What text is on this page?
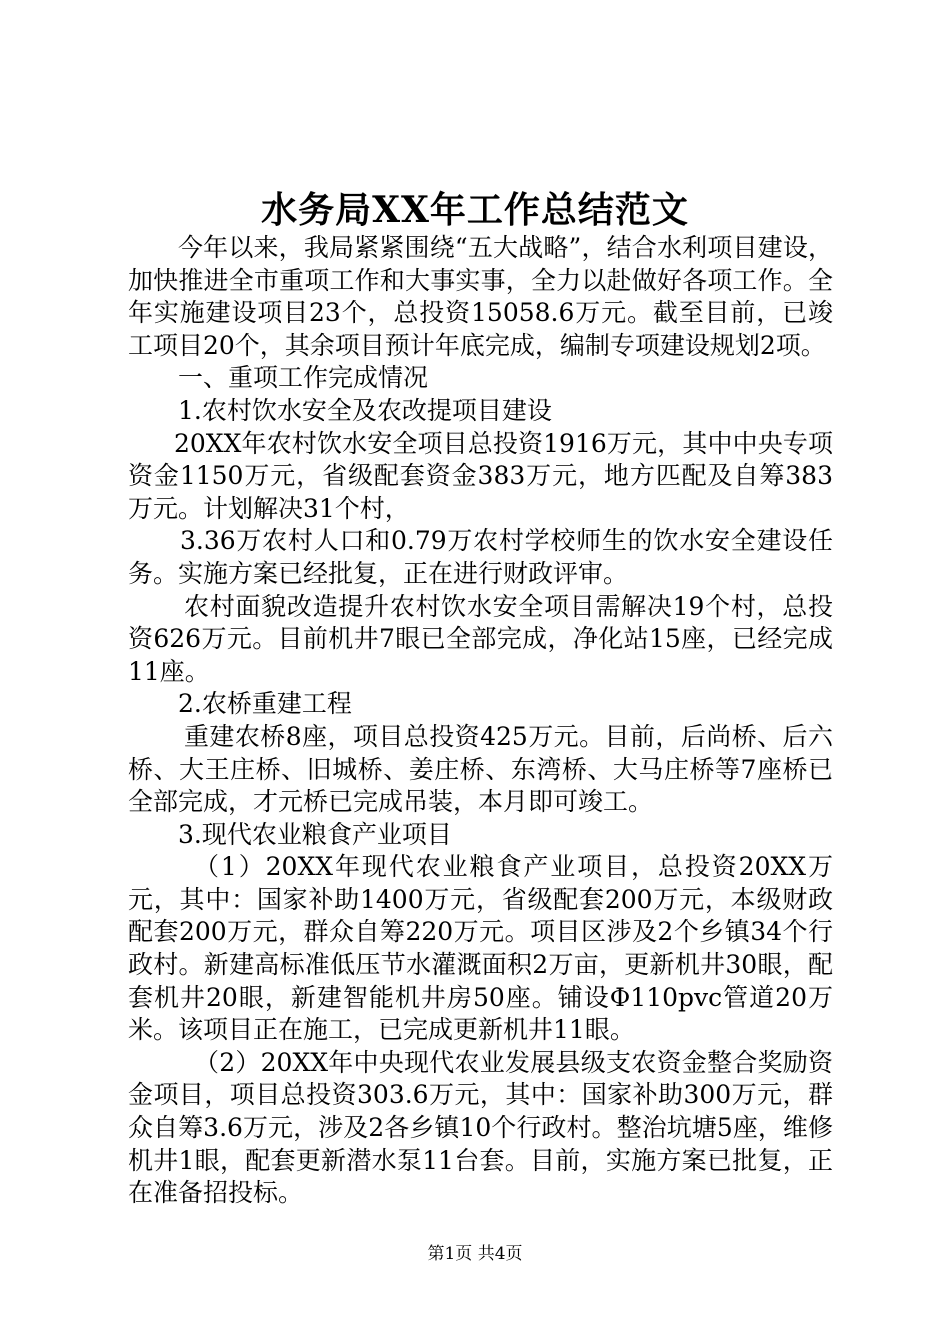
水务局XX年工作总结范文

今年以来，我局紧紧围绕“五大战略”，结合水利项目建设，加快推进全市重项工作和大事实事，全力以赴做好各项工作。全年实施建设项目23个，总投资15058.6万元。截至目前，已竣工项目20个，其余项目预计年底完成，编制专项建设规划2项。

一、重项工作完成情况

1.农村饮水安全及农改提项目建设

20XX年农村饮水安全项目总投资1916万元，其中中央专项资金1150万元，省级配套资金383万元，地方匹配及自筹383万元。计划解决31个村，

3.36万农村人口和0.79万农村学校师生的饮水安全建设任务。实施方案已经批复，正在进行财政评审。

农村面貌改造提升农村饮水安全项目需解决19个村，总投资626万元。目前机井7眼已全部完成，净化站15座，已经完成11座。

2.农桥重建工程

重建农桥8座，项目总投资425万元。目前，后尚桥、后六桥、大王庄桥、旧城桥、姜庄桥、东湾桥、大马庄桥等7座桥已全部完成，才元桥已完成吊装，本月即可竣工。

3.现代农业粮食产业项目

（1）20XX年现代农业粮食产业项目，总投资20XX万元，其中：国家补助1400万元，省级配套200万元，本级财政配套200万元，群众自筹220万元。项目区涉及2个乡镇34个行政村。新建高标准低压节水灌溉面积2万亩，更新机井30眼，配套机井20眼，新建智能机井房50座。铺设Φ110pvc管道20万米。该项目正在施工，已完成更新机井11眼。

（2）20XX年中央现代农业发展县级支农资金整合奖励资金项目，项目总投资303.6万元，其中：国家补助300万元，群众自筹3.6万元，涉及2各乡镇10个行政村。整治坑塘5座，维修机井1眼，配套更新潜水泵11台套。目前，实施方案已批复，正在准备招投标。

第1页 共4页
